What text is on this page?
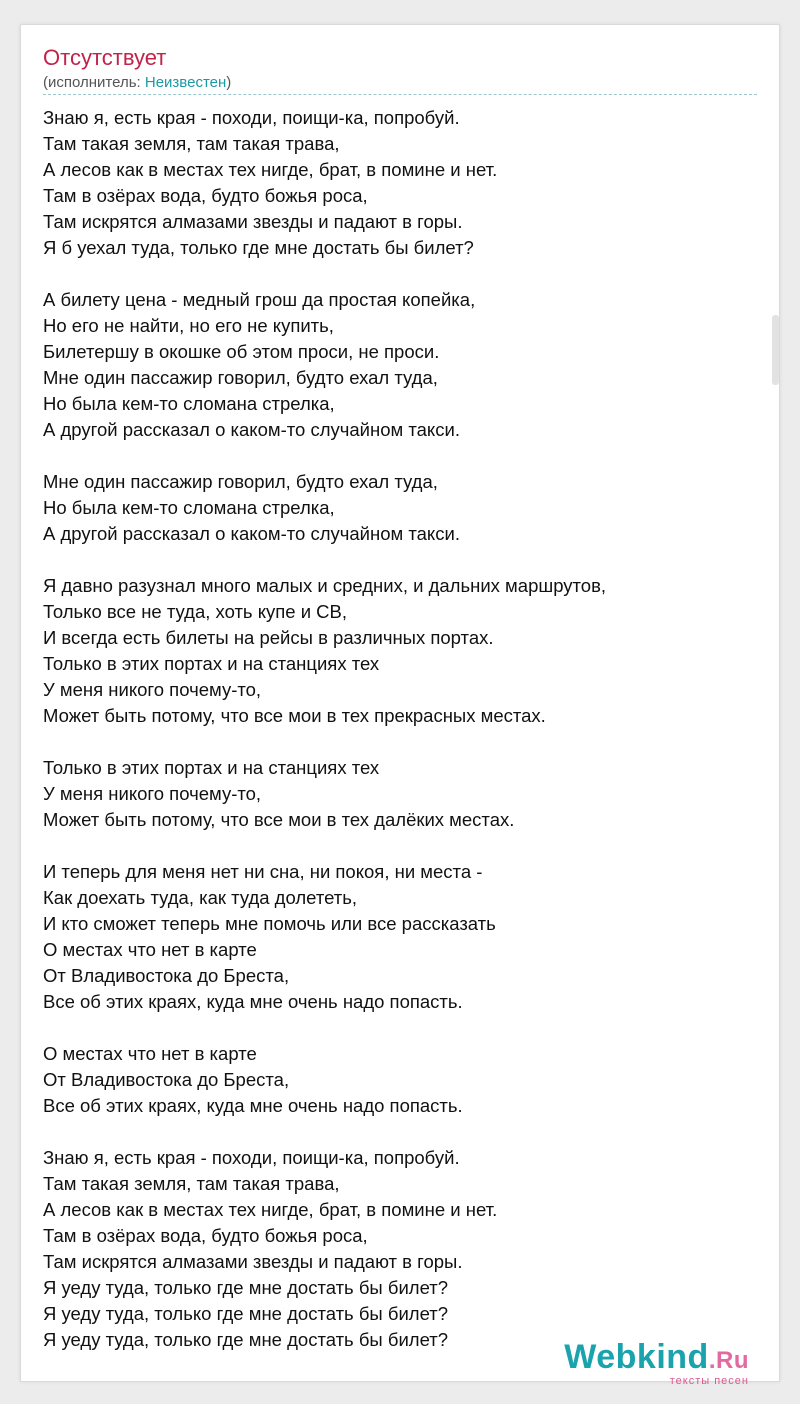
Отсутствует
(исполнитель: Неизвестен)
Знаю я, есть края - походи, поищи-ка, попробуй.
Там такая земля, там такая трава,
А лесов как в местах тех нигде, брат, в помине и нет.
Там в озёрах вода, будто божья роса,
Там искрятся алмазами звезды и падают в горы.
Я б уехал туда, только где мне достать бы билет?
А билету цена - медный грош да простая копейка,
Но его не найти, но его не купить,
Билетершу в окошке об этом проси, не проси.
Мне один пассажир говорил, будто ехал туда,
Но была кем-то сломана стрелка,
А другой рассказал о каком-то случайном такси.
Мне один пассажир говорил, будто ехал туда,
Но была кем-то сломана стрелка,
А другой рассказал о каком-то случайном такси.
Я давно разузнал много малых и средних, и дальних маршрутов,
Только все не туда, хоть купе и СВ,
И всегда есть билеты на рейсы в различных портах.
Только в этих портах и на станциях тех
У меня никого почему-то,
Может быть потому, что все мои в тех прекрасных местах.
Только в этих портах и на станциях тех
У меня никого почему-то,
Может быть потому, что все мои в тех далёких местах.
И теперь для меня нет ни сна, ни покоя, ни места -
Как доехать туда, как туда долететь,
И кто сможет теперь мне помочь или все рассказать
О местах что нет в карте
От Владивостока до Бреста,
Все об этих краях, куда мне очень надо попасть.
О местах что нет в карте
От Владивостока до Бреста,
Все об этих краях, куда мне очень надо попасть.
Знаю я, есть края - походи, поищи-ка, попробуй.
Там такая земля, там такая трава,
А лесов как в местах тех нигде, брат, в помине и нет.
Там в озёрах вода, будто божья роса,
Там искрятся алмазами звезды и падают в горы.
Я уеду туда, только где мне достать бы билет?
Я уеду туда, только где мне достать бы билет?
Я уеду туда, только где мне достать бы билет?	Webkind.Ru
тексты песен
